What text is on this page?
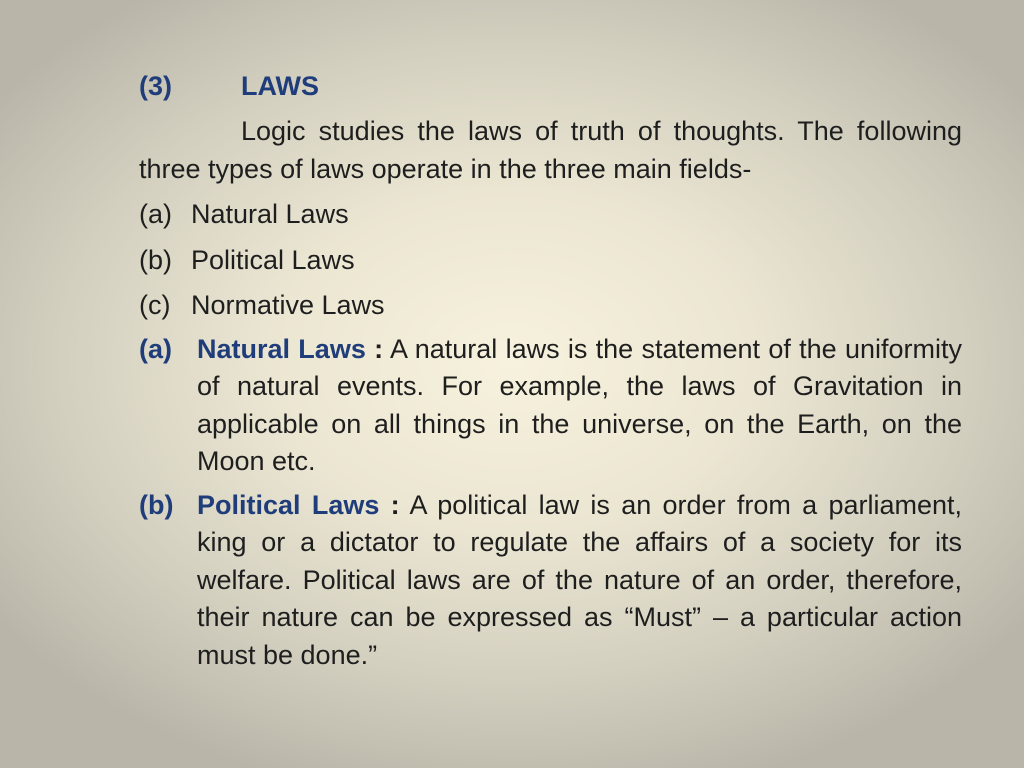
(3)	LAWS
Logic studies the laws of truth of thoughts. The following three types of laws operate in the three main fields-
(a) Natural Laws
(b) Political Laws
(c) Normative Laws
(a) Natural Laws : A natural laws is the statement of the uniformity of natural events. For example, the laws of Gravitation in applicable on all things in the universe, on the Earth, on the Moon etc.
(b) Political Laws : A political law is an order from a parliament, king or a dictator to regulate the affairs of a society for its welfare. Political laws are of the nature of an order, therefore, their nature can be expressed as “Must” – a particular action must be done.”
